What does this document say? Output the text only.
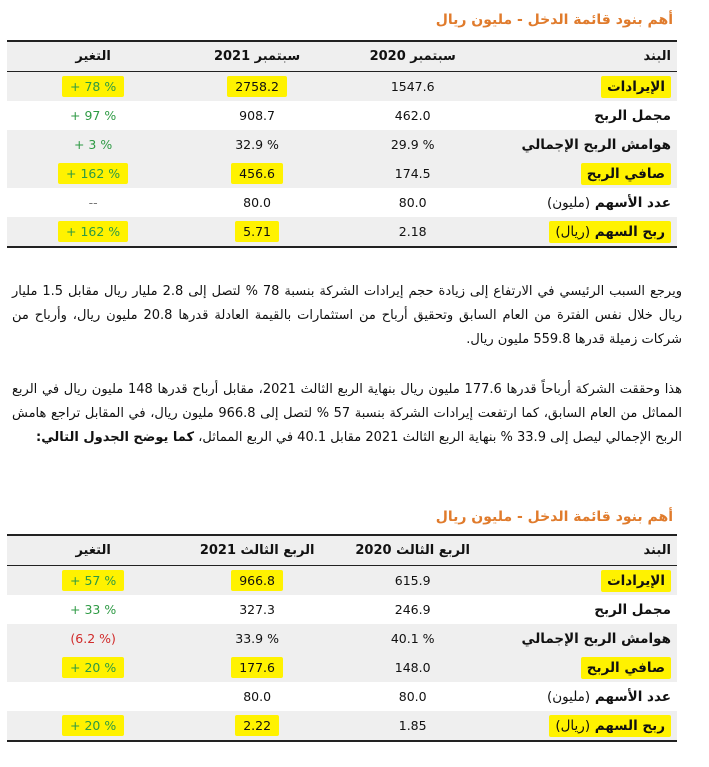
أهم بنود قائمة الدخل - مليون ريال
البند	سبتمبر 2020	سبتمبر 2021	التغير
الإيرادات	1547.6	2758.2	% 78 +
مجمل الربح	462.0	908.7	% 97 +
هوامش الربح الإجمالي	% 29.9	% 32.9	% 3 +
صافي الربح	174.5	456.6	% 162 +
عدد الأسهم (مليون)	80.0	80.0	--
ربح السهم (ريال)	2.18	5.71	% 162 +

ويرجع السبب الرئيسي في الارتفاع إلى زيادة حجم إيرادات الشركة بنسبة 78 % لتصل إلى 2.8 مليار ريال مقابل 1.5 مليار ريال خلال نفس الفترة من العام السابق وتحقيق أرباح من استثمارات بالقيمة العادلة قدرها 20.8 مليون ريال، وأرباح من شركات زميلة قدرها 559.8 مليون ريال.

هذا وحققت الشركة أرباحاً قدرها 177.6 مليون ريال بنهاية الربع الثالث 2021، مقابل أرباح قدرها 148 مليون ريال في الربع المماثل من العام السابق، كما ارتفعت إيرادات الشركة بنسبة 57 % لتصل إلى 966.8 مليون ريال، في المقابل تراجع هامش الربح الإجمالي ليصل إلى 33.9 % بنهاية الربع الثالث 2021 مقابل 40.1 في الربع المماثل، كما يوضح الجدول التالي:

أهم بنود قائمة الدخل - مليون ريال
البند	الربع الثالث 2020	الربع الثالث 2021	التغير
الإيرادات	615.9	966.8	% 57 +
مجمل الربح	246.9	327.3	% 33 +
هوامش الربح الإجمالي	% 40.1	% 33.9	(% 6.2)
صافي الربح	148.0	177.6	% 20 +
عدد الأسهم (مليون)	80.0	80.0	
ربح السهم (ريال)	1.85	2.22	% 20 +
